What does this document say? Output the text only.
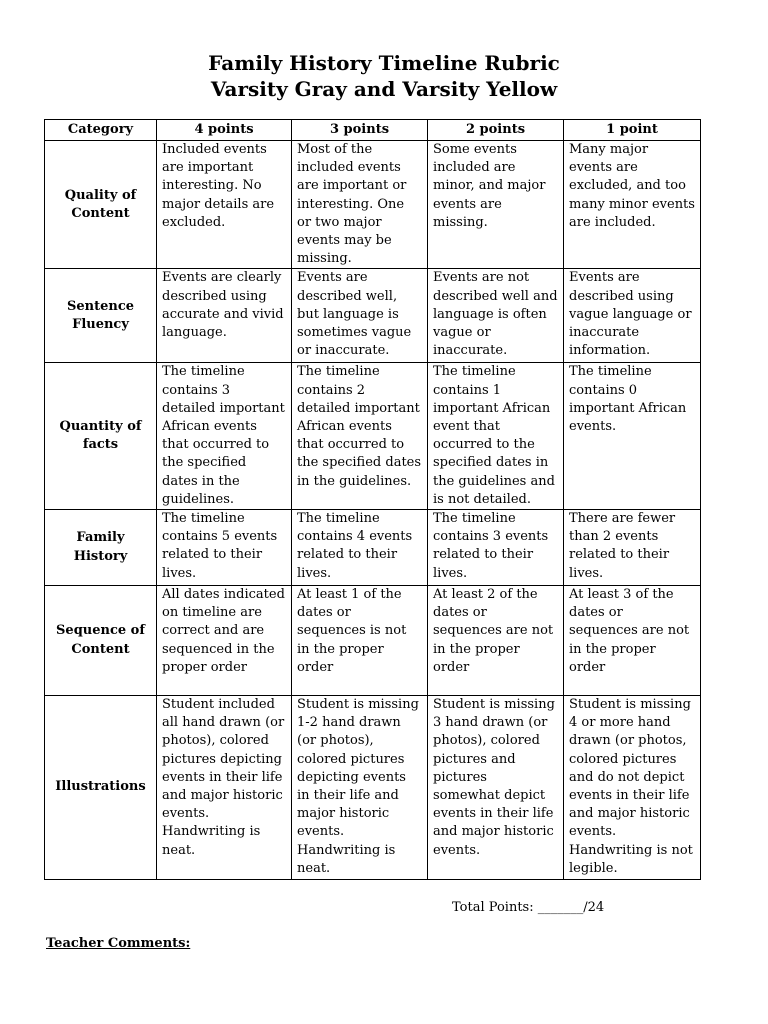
Family History Timeline Rubric
Varsity Gray and Varsity Yellow
Category	4 points	3 points	2 points	1 point
Quality of Content	Included events are important interesting. No major details are excluded.	Most of the included events are important or interesting. One or two major events may be missing.	Some events included are minor, and major events are missing.	Many major events are excluded, and too many minor events are included.
Sentence Fluency	Events are clearly described using accurate and vivid language.	Events are described well, but language is sometimes vague or inaccurate.	Events are not described well and language is often vague or inaccurate.	Events are described using vague language or inaccurate information.
Quantity of facts	The timeline contains 3 detailed important African events that occurred to the specified dates in the guidelines.	The timeline contains 2 detailed important African events that occurred to the specified dates in the guidelines.	The timeline contains 1 important African event that occurred to the specified dates in the guidelines and is not detailed.	The timeline contains 0 important African events.
Family History	The timeline contains 5 events related to their lives.	The timeline contains 4 events related to their lives.	The timeline contains 3 events related to their lives.	There are fewer than 2 events related to their lives.
Sequence of Content	All dates indicated on timeline are correct and are sequenced in the proper order	At least 1 of the dates or sequences is not in the proper order	At least 2 of the dates or sequences are not in the proper order	At least 3 of the dates or sequences are not in the proper order
Illustrations	Student included all hand drawn (or photos), colored pictures depicting events in their life and major historic events. Handwriting is neat.	Student is missing 1-2 hand drawn (or photos), colored pictures depicting events in their life and major historic events. Handwriting is neat.	Student is missing 3 hand drawn (or photos), colored pictures and pictures somewhat depict events in their life and major historic events.	Student is missing 4 or more hand drawn (or photos, colored pictures and do not depict events in their life and major historic events. Handwriting is not legible.
Total Points: _______/24
Teacher Comments:
